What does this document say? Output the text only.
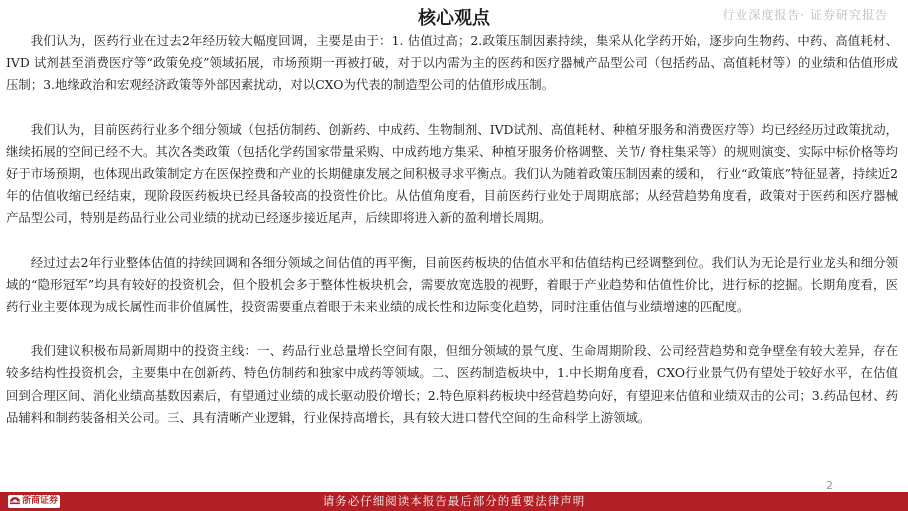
行业深度报告· 证券研究报告
核心观点

我们认为，医药行业在过去2年经历较大幅度回调，主要是由于：1. 估值过高；2.政策压制因素持续，集采从化学药开始，逐步向生物药、中药、高值耗材、IVD 试剂甚至消费医疗等“政策免疫”领域拓展，市场预期一再被打破，对于以内需为主的医药和医疗器械产品型公司（包括药品、高值耗材等）的业绩和估值形成压制；3.地缘政治和宏观经济政策等外部因素扰动，对以CXO为代表的制造型公司的估值形成压制。

我们认为，目前医药行业多个细分领域（包括仿制药、创新药、中成药、生物制剂、IVD试剂、高值耗材、种植牙服务和消费医疗等）均已经经历过政策扰动，继续拓展的空间已经不大。其次各类政策（包括化学药国家带量采购、中成药地方集采、种植牙服务价格调整、关节/ 脊柱集采等）的规则演变、实际中标价格等均好于市场预期，也体现出政策制定方在医保控费和产业的长期健康发展之间积极寻求平衡点。我们认为随着政策压制因素的缓和， 行业“政策底”特征显著，持续近2年的估值收缩已经结束，现阶段医药板块已经具备较高的投资性价比。从估值角度看，目前医药行业处于周期底部；从经营趋势角度看，政策对于医药和医疗器械产品型公司，特别是药品行业公司业绩的扰动已经逐步接近尾声，后续即将进入新的盈利增长周期。

经过过去2年行业整体估值的持续回调和各细分领域之间估值的再平衡，目前医药板块的估值水平和估值结构已经调整到位。我们认为无论是行业龙头和细分领域的“隐形冠军”均具有较好的投资机会，但个股机会多于整体性板块机会，需要放宽选股的视野，着眼于产业趋势和估值性价比，进行标的挖掘。长期角度看，医药行业主要体现为成长属性而非价值属性，投资需要重点着眼于未来业绩的成长性和边际变化趋势，同时注重估值与业绩增速的匹配度。

我们建议积极布局新周期中的投资主线：一、药品行业总量增长空间有限，但细分领域的景气度、生命周期阶段、公司经营趋势和竞争壁垒有较大差异，存在较多结构性投资机会，主要集中在创新药、特色仿制药和独家中成药等领域。二、医药制造板块中，1.中长期角度看，CXO行业景气仍有望处于较好水平，在估值回到合理区间、消化业绩高基数因素后，有望通过业绩的成长驱动股价增长；2.特色原料药板块中经营趋势向好，有望迎来估值和业绩双击的公司；3.药品包材、药品辅料和制药装备相关公司。三、具有清晰产业逻辑，行业保持高增长，具有较大进口替代空间的生命科学上游领域。

2
浙商证券	请务必仔细阅读本报告最后部分的重要法律声明
